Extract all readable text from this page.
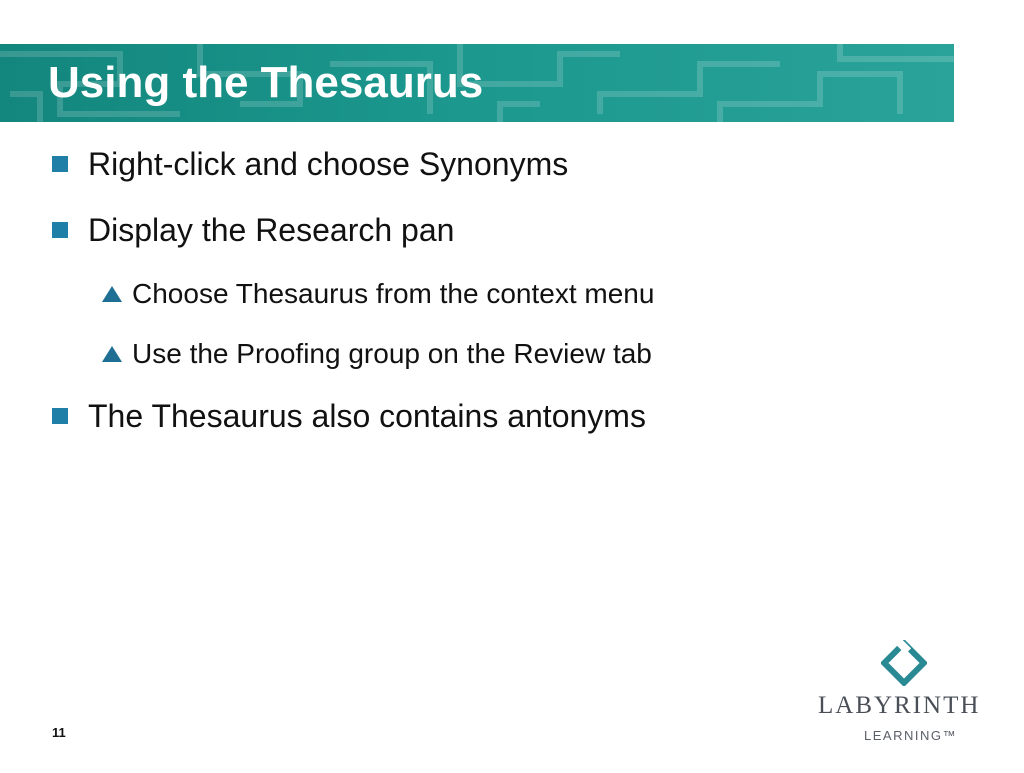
Using the Thesaurus
Right-click and choose Synonyms
Display the Research pan
Choose Thesaurus from the context menu
Use the Proofing group on the Review tab
The Thesaurus also contains antonyms
11
LABYRINTH
LEARNING™
